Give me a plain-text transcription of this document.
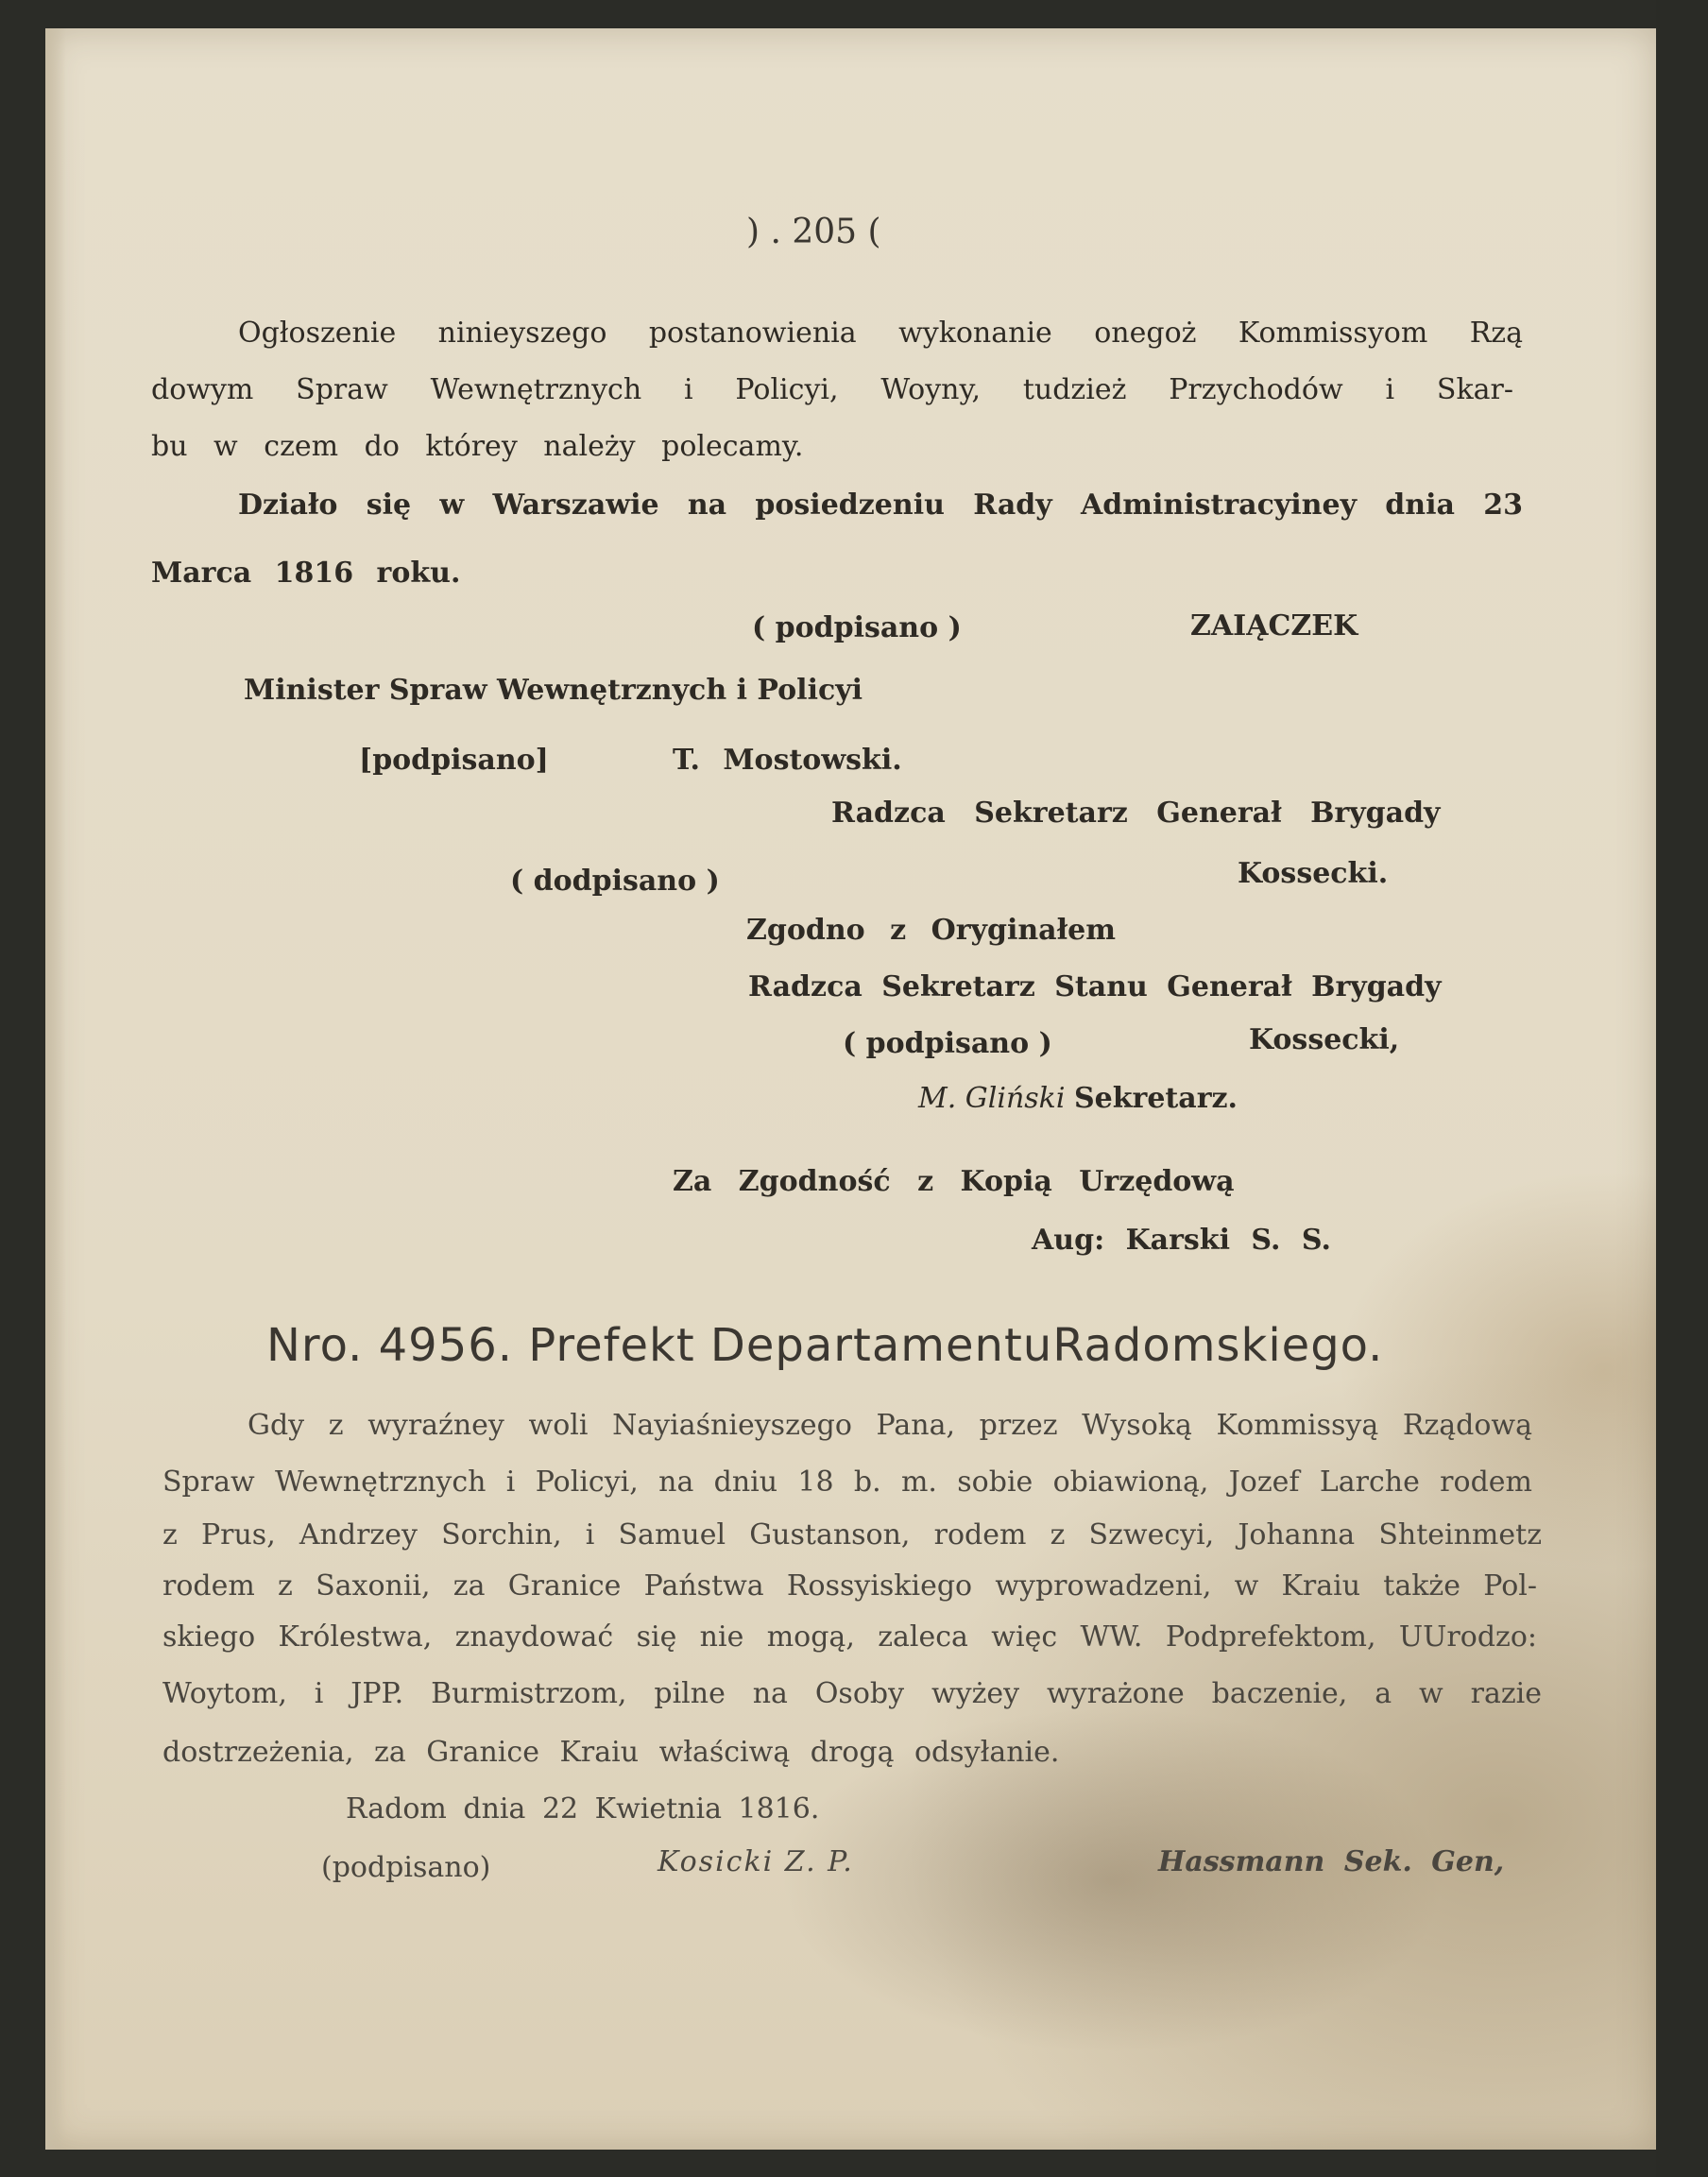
) . 205 (
Ogłoszenie ninieyszego postanowienia wykonanie onegoż Kommissyom Rzą
dowym Spraw Wewnętrznych i Policyi, Woyny, tudzież Przychodów i Skar-
bu w czem do którey należy polecamy.
Działo się w Warszawie na posiedzeniu Rady Administracyiney dnia 23
Marca 1816 roku.
( podpisano )	ZAIĄCZEK
Minister Spraw Wewnętrznych i Policyi
[podpisano]	T. Mostowski.
Radzca Sekretarz Generał Brygady
( dodpisano )	Kossecki.
Zgodno z Oryginałem
Radzca Sekretarz Stanu Generał Brygady
( podpisano )	Kossecki,
M. Gliński Sekretarz.
Za Zgodność z Kopią Urzędową
Aug: Karski S. S.
Nro. 4956. Prefekt DepartamentuRadomskiego.
Gdy z wyraźney woli Nayiaśnieyszego Pana, przez Wysoką Kommissyą Rządową
Spraw Wewnętrznych i Policyi, na dniu 18 b. m. sobie obiawioną, Jozef Larche rodem
z Prus, Andrzey Sorchin, i Samuel Gustanson, rodem z Szwecyi, Johanna Shteinmetz
rodem z Saxonii, za Granice Państwa Rossyiskiego wyprowadzeni, w Kraiu także Pol-
skiego Królestwa, znaydować się nie mogą, zaleca więc WW. Podprefektom, UUrodzo:
Woytom, i JPP. Burmistrzom, pilne na Osoby wyżey wyrażone baczenie, a w razie
dostrzeżenia, za Granice Kraiu właściwą drogą odsyłanie.
Radom dnia 22 Kwietnia 1816.
(podpisano)	Kosicki Z. P.	Hassmann Sek. Gen,
